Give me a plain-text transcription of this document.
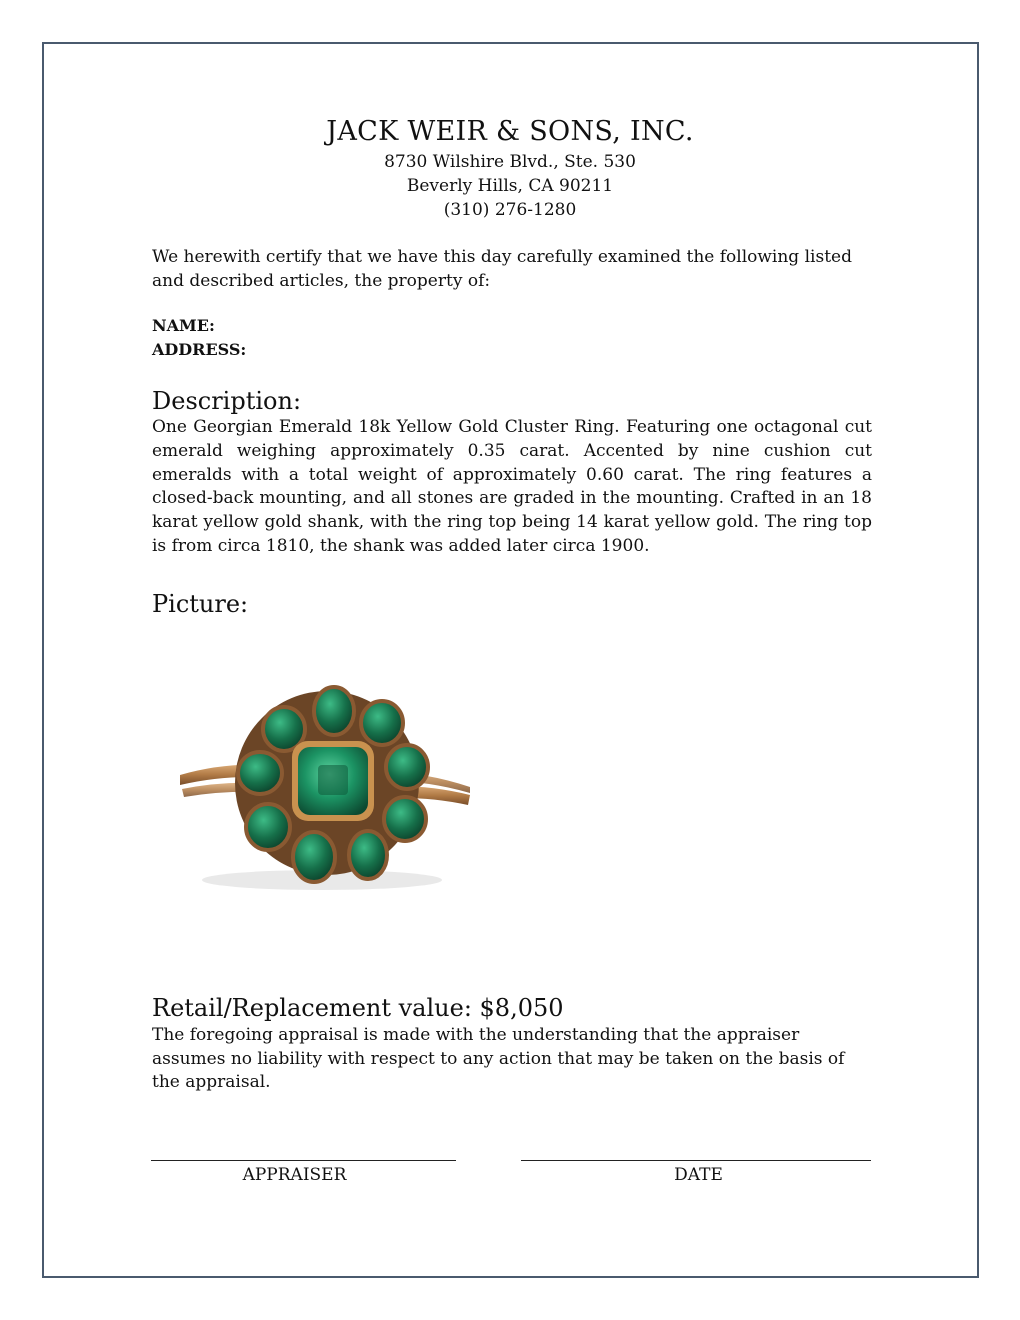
JACK WEIR & SONS, INC.
8730 Wilshire Blvd., Ste. 530
Beverly Hills, CA 90211
(310) 276-1280
We herewith certify that we have this day carefully examined the following listed and described articles, the property of:
NAME:
ADDRESS:
Description:
One Georgian Emerald 18k Yellow Gold Cluster Ring. Featuring one octagonal cut emerald weighing approximately 0.35 carat. Accented by nine cushion cut emeralds with a total weight of approximately 0.60 carat. The ring features a closed-back mounting, and all stones are graded in the mounting. Crafted in an 18 karat yellow gold shank, with the ring top being 14 karat yellow gold. The ring top is from circa 1810, the shank was added later circa 1900.
Picture:
Retail/Replacement value: $8,050
The foregoing appraisal is made with the understanding that the appraiser assumes no liability with respect to any action that may be taken on the basis of the appraisal.
APPRAISER	DATE
